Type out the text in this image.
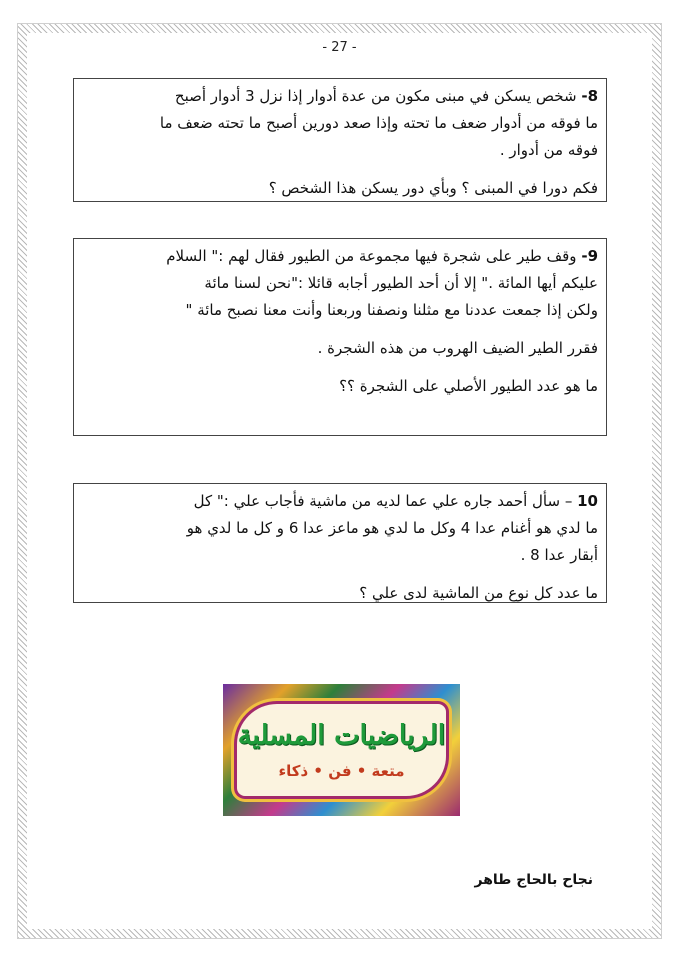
- 27 -

8- شخص يسكن في مبنى مكون من عدة أدوار إذا نزل 3 أدوار أصبح

ما فوقه من أدوار ضعف ما تحته وإذا صعد دورين أصبح ما تحته ضعف ما

فوقه من أدوار .

فكم دورا في المبنى ؟ وبأي دور يسكن هذا الشخص ؟

9- وقف طير على شجرة فيها مجموعة من الطيور فقال لهم :" السلام

عليكم أيها المائة ." إلا أن أحد الطيور أجابه قائلا :"نحن لسنا مائة

ولكن إذا جمعت عددنا مع مثلنا ونصفنا وربعنا وأنت معنا نصبح مائة "

فقرر الطير الضيف الهروب من هذه الشجرة .

ما هو عدد الطيور الأصلي على الشجرة ؟؟

10 – سأل أحمد جاره علي عما لديه من ماشية فأجاب علي :" كل

ما لدي هو أغنام عدا 4 وكل ما لدي هو ماعز عدا 6 و كل ما لدي هو

أبقار عدا 8 .

ما عدد كل نوع من الماشية لدى علي ؟

الرياضيات المسلية
متعة • فن • ذكاء
نجاح بالحاج طاهر
